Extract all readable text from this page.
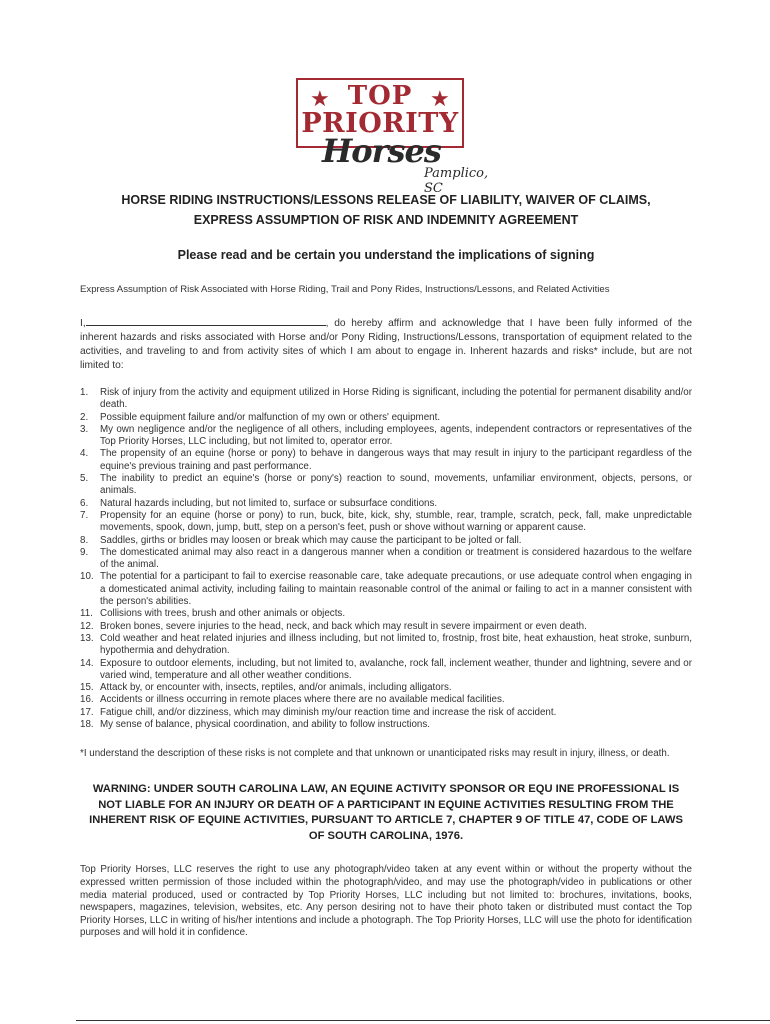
★ TOP ★
PRIORITY
Horses
Pamplico, SC

HORSE RIDING INSTRUCTIONS/LESSONS RELEASE OF LIABILITY, WAIVER OF CLAIMS,
EXPRESS ASSUMPTION OF RISK AND INDEMNITY AGREEMENT

Please read and be certain you understand the implications of signing

Express Assumption of Risk Associated with Horse Riding, Trail and Pony Rides, Instructions/Lessons, and Related Activities

I,	, do hereby affirm and acknowledge that I have been fully informed of the inherent hazards and risks associated with Horse and/or Pony Riding, Instructions/Lessons, transportation of equipment related to the activities, and traveling to and from activity sites of which I am about to engage in. Inherent hazards and risks* include, but are not limited to:

1. Risk of injury from the activity and equipment utilized in Horse Riding is significant, including the potential for permanent disability and/or death.
2. Possible equipment failure and/or malfunction of my own or others' equipment.
3. My own negligence and/or the negligence of all others, including employees, agents, independent contractors or representatives of the Top Priority Horses, LLC including, but not limited to, operator error.
4. The propensity of an equine (horse or pony) to behave in dangerous ways that may result in injury to the participant regardless of the equine's previous training and past performance.
5. The inability to predict an equine's (horse or pony's) reaction to sound, movements, unfamiliar environment, objects, persons, or animals.
6. Natural hazards including, but not limited to, surface or subsurface conditions.
7. Propensity for an equine (horse or pony) to run, buck, bite, kick, shy, stumble, rear, trample, scratch, peck, fall, make unpredictable movements, spook, down, jump, butt, step on a person's feet, push or shove without warning or apparent cause.
8. Saddles, girths or bridles may loosen or break which may cause the participant to be jolted or fall.
9. The domesticated animal may also react in a dangerous manner when a condition or treatment is considered hazardous to the welfare of the animal.
10. The potential for a participant to fail to exercise reasonable care, take adequate precautions, or use adequate control when engaging in a domesticated animal activity, including failing to maintain reasonable control of the animal or failing to act in a manner consistent with the person's abilities.
11. Collisions with trees, brush and other animals or objects.
12. Broken bones, severe injuries to the head, neck, and back which may result in severe impairment or even death.
13. Cold weather and heat related injuries and illness including, but not limited to, frostnip, frost bite, heat exhaustion, heat stroke, sunburn, hypothermia and dehydration.
14. Exposure to outdoor elements, including, but not limited to, avalanche, rock fall, inclement weather, thunder and lightning, severe and or varied wind, temperature and all other weather conditions.
15. Attack by, or encounter with, insects, reptiles, and/or animals, including alligators.
16. Accidents or illness occurring in remote places where there are no available medical facilities.
17. Fatigue chill, and/or dizziness, which may diminish my/our reaction time and increase the risk of accident.
18. My sense of balance, physical coordination, and ability to follow instructions.

*I understand the description of these risks is not complete and that unknown or unanticipated risks may result in injury, illness, or death.

WARNING: UNDER SOUTH CAROLINA LAW, AN EQUINE ACTIVITY SPONSOR OR EQU INE PROFESSIONAL IS NOT LIABLE FOR AN INJURY OR DEATH OF A PARTICIPANT IN EQUINE ACTIVITIES RESULTING FROM THE INHERENT RISK OF EQUINE ACTIVITIES, PURSUANT TO ARTICLE 7, CHAPTER 9 OF TITLE 47, CODE OF LAWS OF SOUTH CAROLINA, 1976.

Top Priority Horses, LLC reserves the right to use any photograph/video taken at any event within or without the property without the expressed written permission of those included within the photograph/video, and may use the photograph/video in publications or other media material produced, used or contracted by Top Priority Horses, LLC including but not limited to: brochures, invitations, books, newspapers, magazines, television, websites, etc. Any person desiring not to have their photo taken or distributed must contact the Top Priority Horses, LLC in writing of his/her intentions and include a photograph. The Top Priority Horses, LLC will use the photo for identification purposes and will hold it in confidence.
